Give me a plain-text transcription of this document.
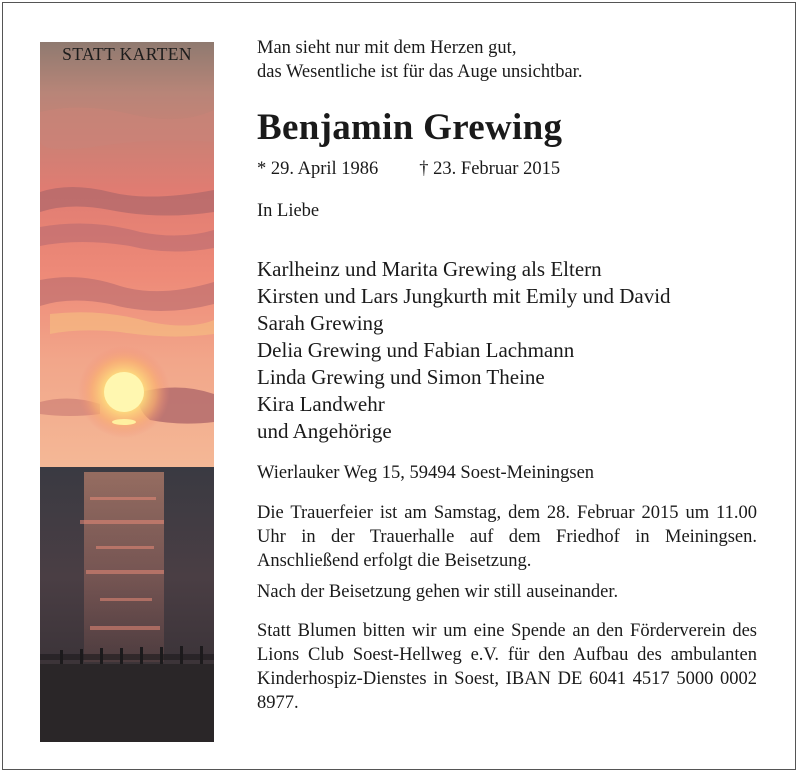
STATT KARTEN	Man sieht nur mit dem Herzen gut,
das Wesentliche ist für das Auge unsichtbar.
Benjamin Grewing
* 29. April 1986 † 23. Februar 2015
In Liebe
Karlheinz und Marita Grewing als Eltern
Kirsten und Lars Jungkurth mit Emily und David
Sarah Grewing
Delia Grewing und Fabian Lachmann
Linda Grewing und Simon Theine
Kira Landwehr
und Angehörige
Wierlauker Weg 15, 59494 Soest-Meiningsen
Die Trauerfeier ist am Samstag, dem 28. Februar 2015 um 11.00 Uhr in der Trauerhalle auf dem Friedhof in Meiningsen. Anschließend erfolgt die Beisetzung.
Nach der Beisetzung gehen wir still auseinander.
Statt Blumen bitten wir um eine Spende an den Förderverein des Lions Club Soest-Hellweg e.V. für den Aufbau des ambulanten Kinderhospiz-Dienstes in Soest, IBAN DE 6041 4517 5000 0002 8977.
